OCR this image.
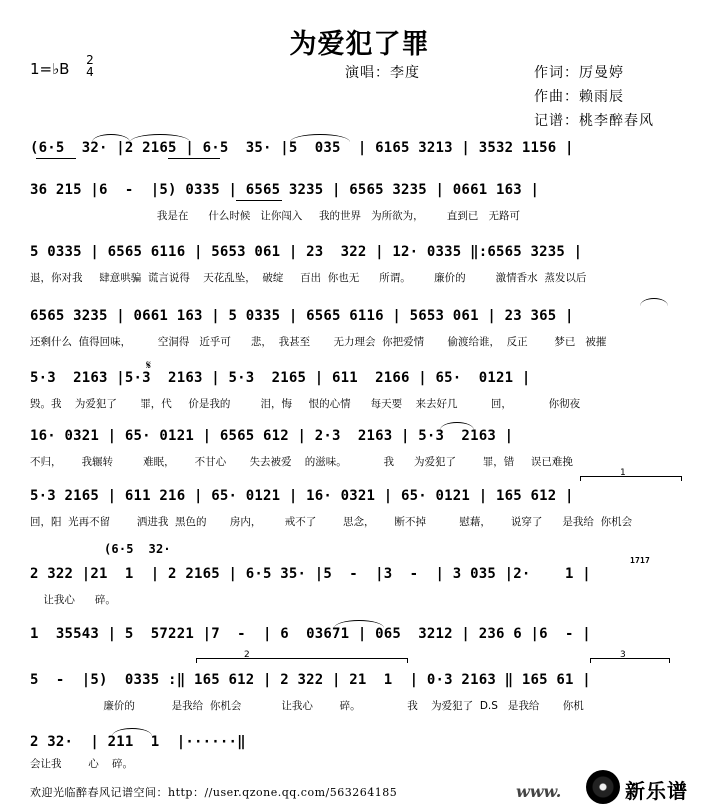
为爱犯了罪
1=♭B 2
4	演唱：李度	作词：厉曼婷
作曲：赖雨辰
记谱：桃李醉春风
(6·5  32· |2 2165 | 6·5  35· |5  035  | 6165 3213 | 3532 1156 |
36 215 |6  -  |5) 0335 | 6565 3235 | 6565 3235 | 0661 163 |
我是在      什么时候   让你闯入     我的世界   为所欲为，       直到已   无路可
5 0335 | 6565 6116 | 5653 061 | 23  322 | 12· 0335 ‖:6565 3235 |
退，你对我     肆意哄骗  谎言说得    天花乱坠，  破绽     百出  你也无      所谓。       廉价的         激情香水  蒸发以后
6565 3235 | 0661 163 | 5 0335 | 6565 6116 | 5653 061 | 23 365 |
还剩什么  值得回味，        空洞得   近乎可      悲，  我甚至       无力理会  你把爱情       偷渡给谁，  反正        梦已   被摧
𝄋
5·3  2163 |5·3  2163 | 5·3  2165 | 611  2166 | 65·  0121 |
毁。我    为爱犯了       罪，代     价是我的         泪，悔     恨的心情      每天要    来去好几          回，           你彻夜
16· 0321 | 65· 0121 | 6565 612 | 2·3  2163 | 5·3  2163 |
不归，      我辗转         难眠，      不甘心       失去被爱    的滋味。           我      为爱犯了        罪，错     误已难挽
1
5·3 2165 | 611 216 | 65· 0121 | 16· 0321 | 65· 0121 | 165 612 |
回，阳  光再不留        洒进我  黑色的       房内，       戒不了        思念，      断不掉          慰藉，      说穿了      是我给  你机会
(6·5  32·
2 322 |21  1  | 2 2165 | 6·5 35· |5  -  |3  -  | 3 035 |2·    1 |
1717
让我心      碎。
1  35543 | 5  57221 |7  -  | 6  03671 | 065  3212 | 236 6 |6  - |
2	3
5  -  |5)  0335 :‖ 165 612 | 2 322 | 21  1  | 0·3 2163 ‖ 165 61 |
廉价的           是我给  你机会            让我心        碎。              我    为爱犯了  D.S   是我给       你机
2 32·  | 211  1  |······‖
会让我        心    碎。
欢迎光临醉春风记谱空间：http：//user.qzone.qq.com/563264185	www.	新乐谱
